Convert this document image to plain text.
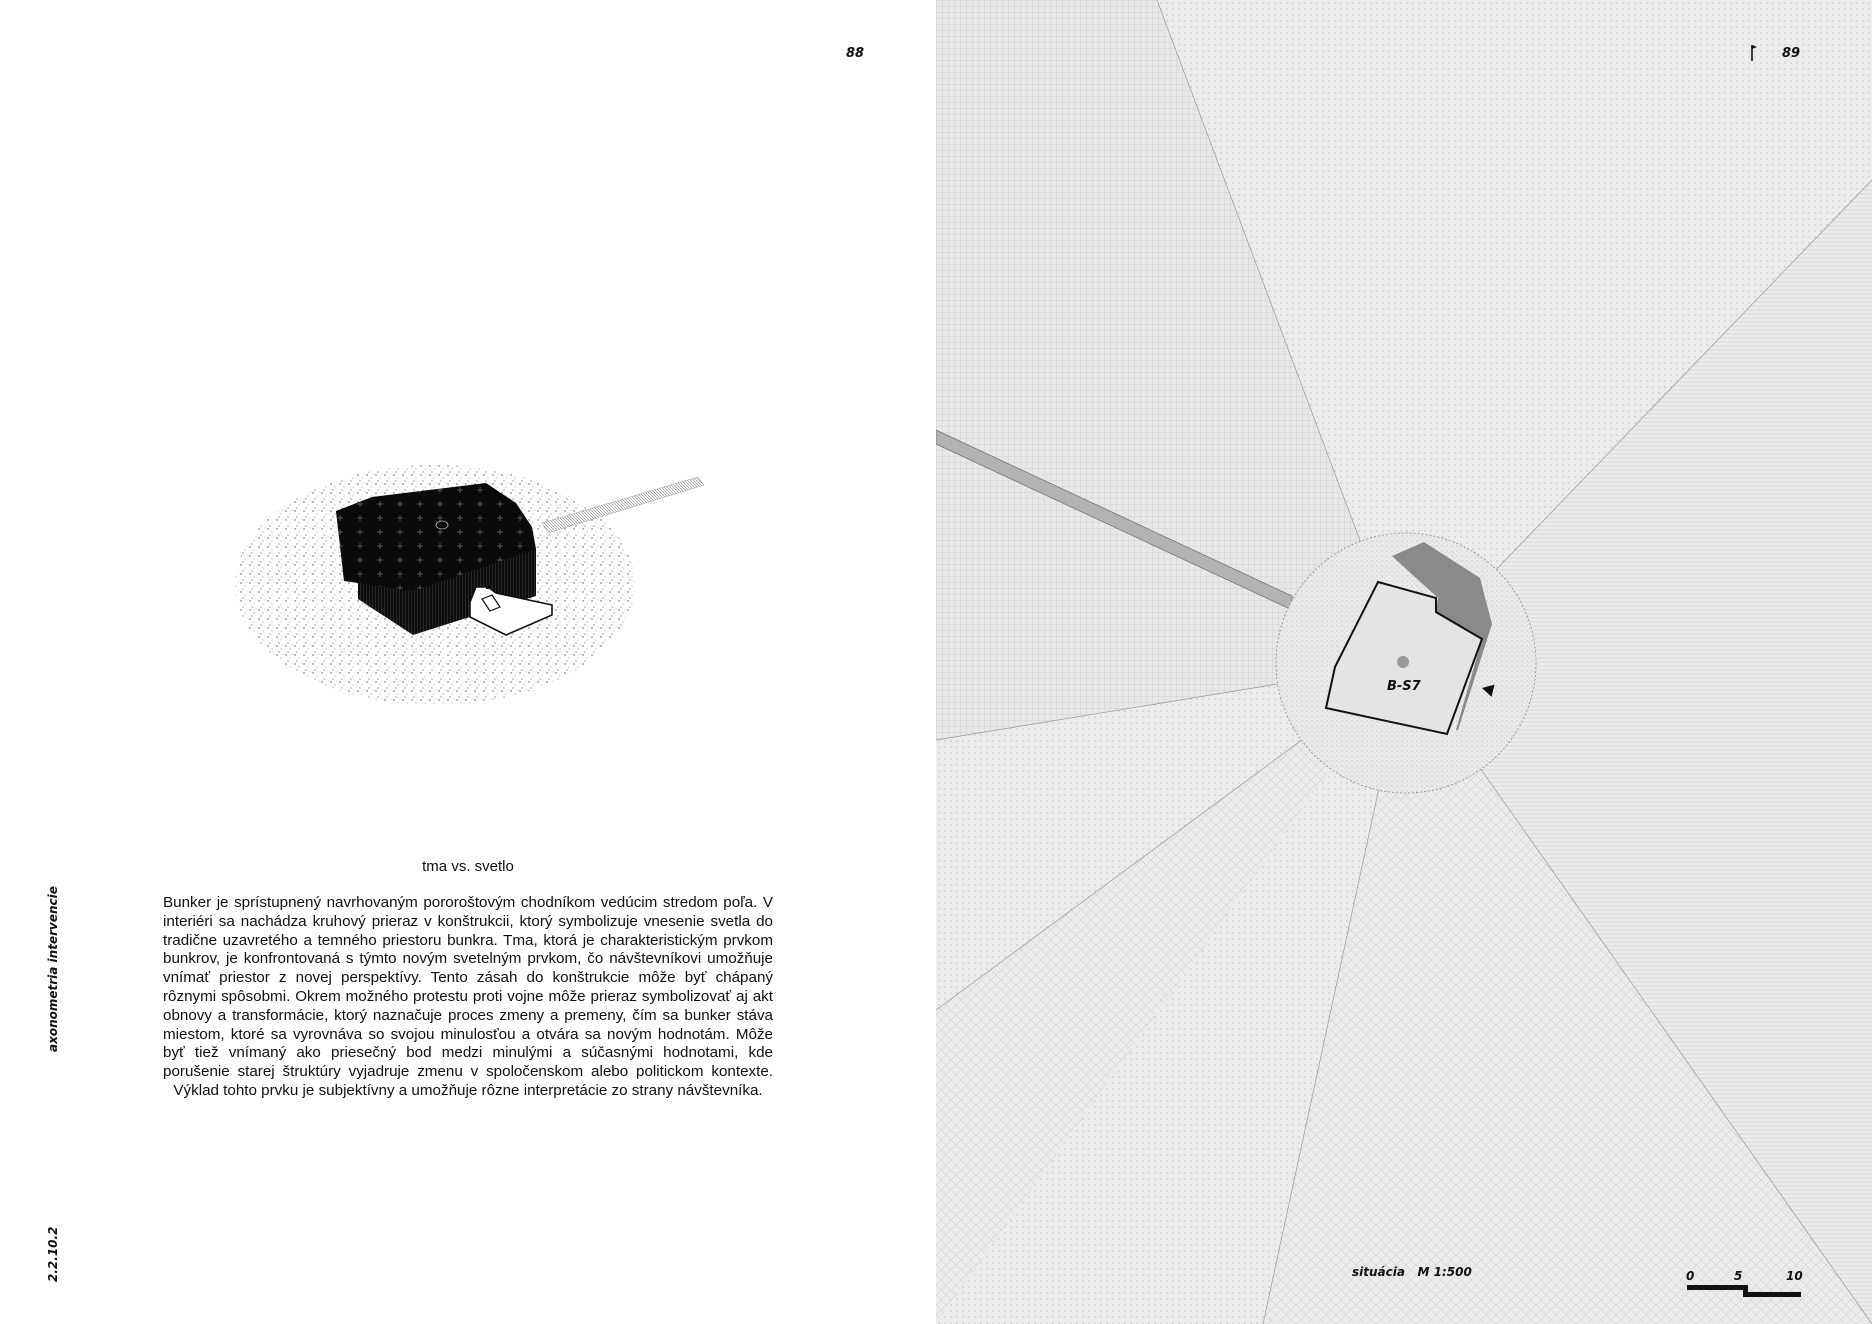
88
axonometria intervencie
2.2.10.2
tma vs. svetlo
Bunker je sprístupnený navrhovaným pororoštovým chodníkom vedúcim stredom poľa. V interiéri sa nachádza kruhový prieraz v konštrukcii, ktorý symbolizuje vnesenie svetla do tradične uzavretého a temného priestoru bunkra. Tma, ktorá je charakteristickým prvkom bunkrov, je konfrontovaná s týmto novým svetelným prvkom, čo návštevníkovi umožňuje vnímať priestor z novej perspektívy. Tento zásah do konštrukcie môže byť chápaný rôznymi spôsobmi. Okrem možného protestu proti vojne môže prieraz symbolizovať aj akt obnovy a transformácie, ktorý naznačuje proces zmeny a premeny, čím sa bunker stáva miestom, ktoré sa vyrovnáva so svojou minulosťou a otvára sa novým hodnotám. Môže byť tiež vnímaný ako priesečný bod medzi minulými a súčasnými hodnotami, kde porušenie starej štruktúry vyjadruje zmenu v spoločenskom alebo politickom kontexte. Výklad tohto prvku je subjektívny a umožňuje rôzne interpretácie zo strany návštevníka.
B-S7
89
situácia   M 1:500	0	5	10
